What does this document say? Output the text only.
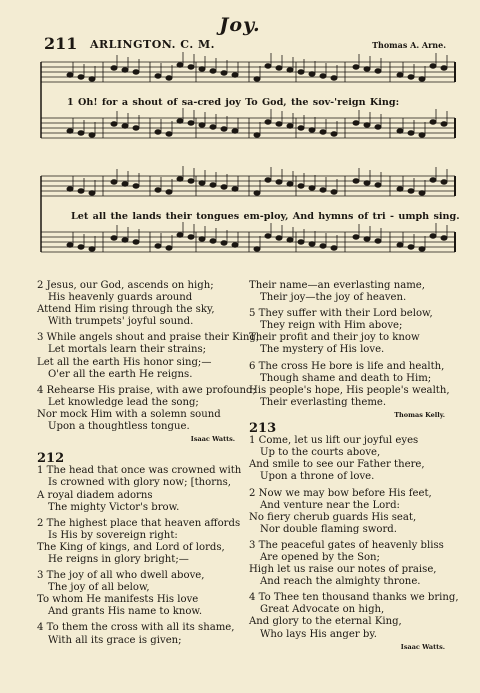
Joy.
211 ARLINGTON. C. M.	Thomas A. Arne.
1 Oh! for a shout of sa-cred joy To God, the sov-'reign King:
Let all the lands their tongues em-ploy, And hymns of tri - umph sing.
2 Jesus, our God, ascends on high;
His heavenly guards around
Attend Him rising through the sky,
With trumpets' joyful sound.
3 While angels shout and praise their King,
Let mortals learn their strains;
Let all the earth His honor sing;—
O'er all the earth He reigns.
4 Rehearse His praise, with awe profound;
Let knowledge lead the song;
Nor mock Him with a solemn sound
Upon a thoughtless tongue.
Isaac Watts.
212
1 The head that once was crowned with
Is crowned with glory now; [thorns,
A royal diadem adorns
The mighty Victor's brow.
2 The highest place that heaven affords
Is His by sovereign right:
The King of kings, and Lord of lords,
He reigns in glory bright;—
3 The joy of all who dwell above,
The joy of all below,
To whom He manifests His love
And grants His name to know.
4 To them the cross with all its shame,
With all its grace is given;
Their name—an everlasting name,
Their joy—the joy of heaven.
5 They suffer with their Lord below,
They reign with Him above;
Their profit and their joy to know
The mystery of His love.
6 The cross He bore is life and health,
Though shame and death to Him;
His people's hope, His people's wealth,
Their everlasting theme.
Thomas Kelly.
213
1 Come, let us lift our joyful eyes
Up to the courts above,
And smile to see our Father there,
Upon a throne of love.
2 Now we may bow before His feet,
And venture near the Lord:
No fiery cherub guards His seat,
Nor double flaming sword.
3 The peaceful gates of heavenly bliss
Are opened by the Son;
High let us raise our notes of praise,
And reach the almighty throne.
4 To Thee ten thousand thanks we bring,
Great Advocate on high,
And glory to the eternal King,
Who lays His anger by.
Isaac Watts.
